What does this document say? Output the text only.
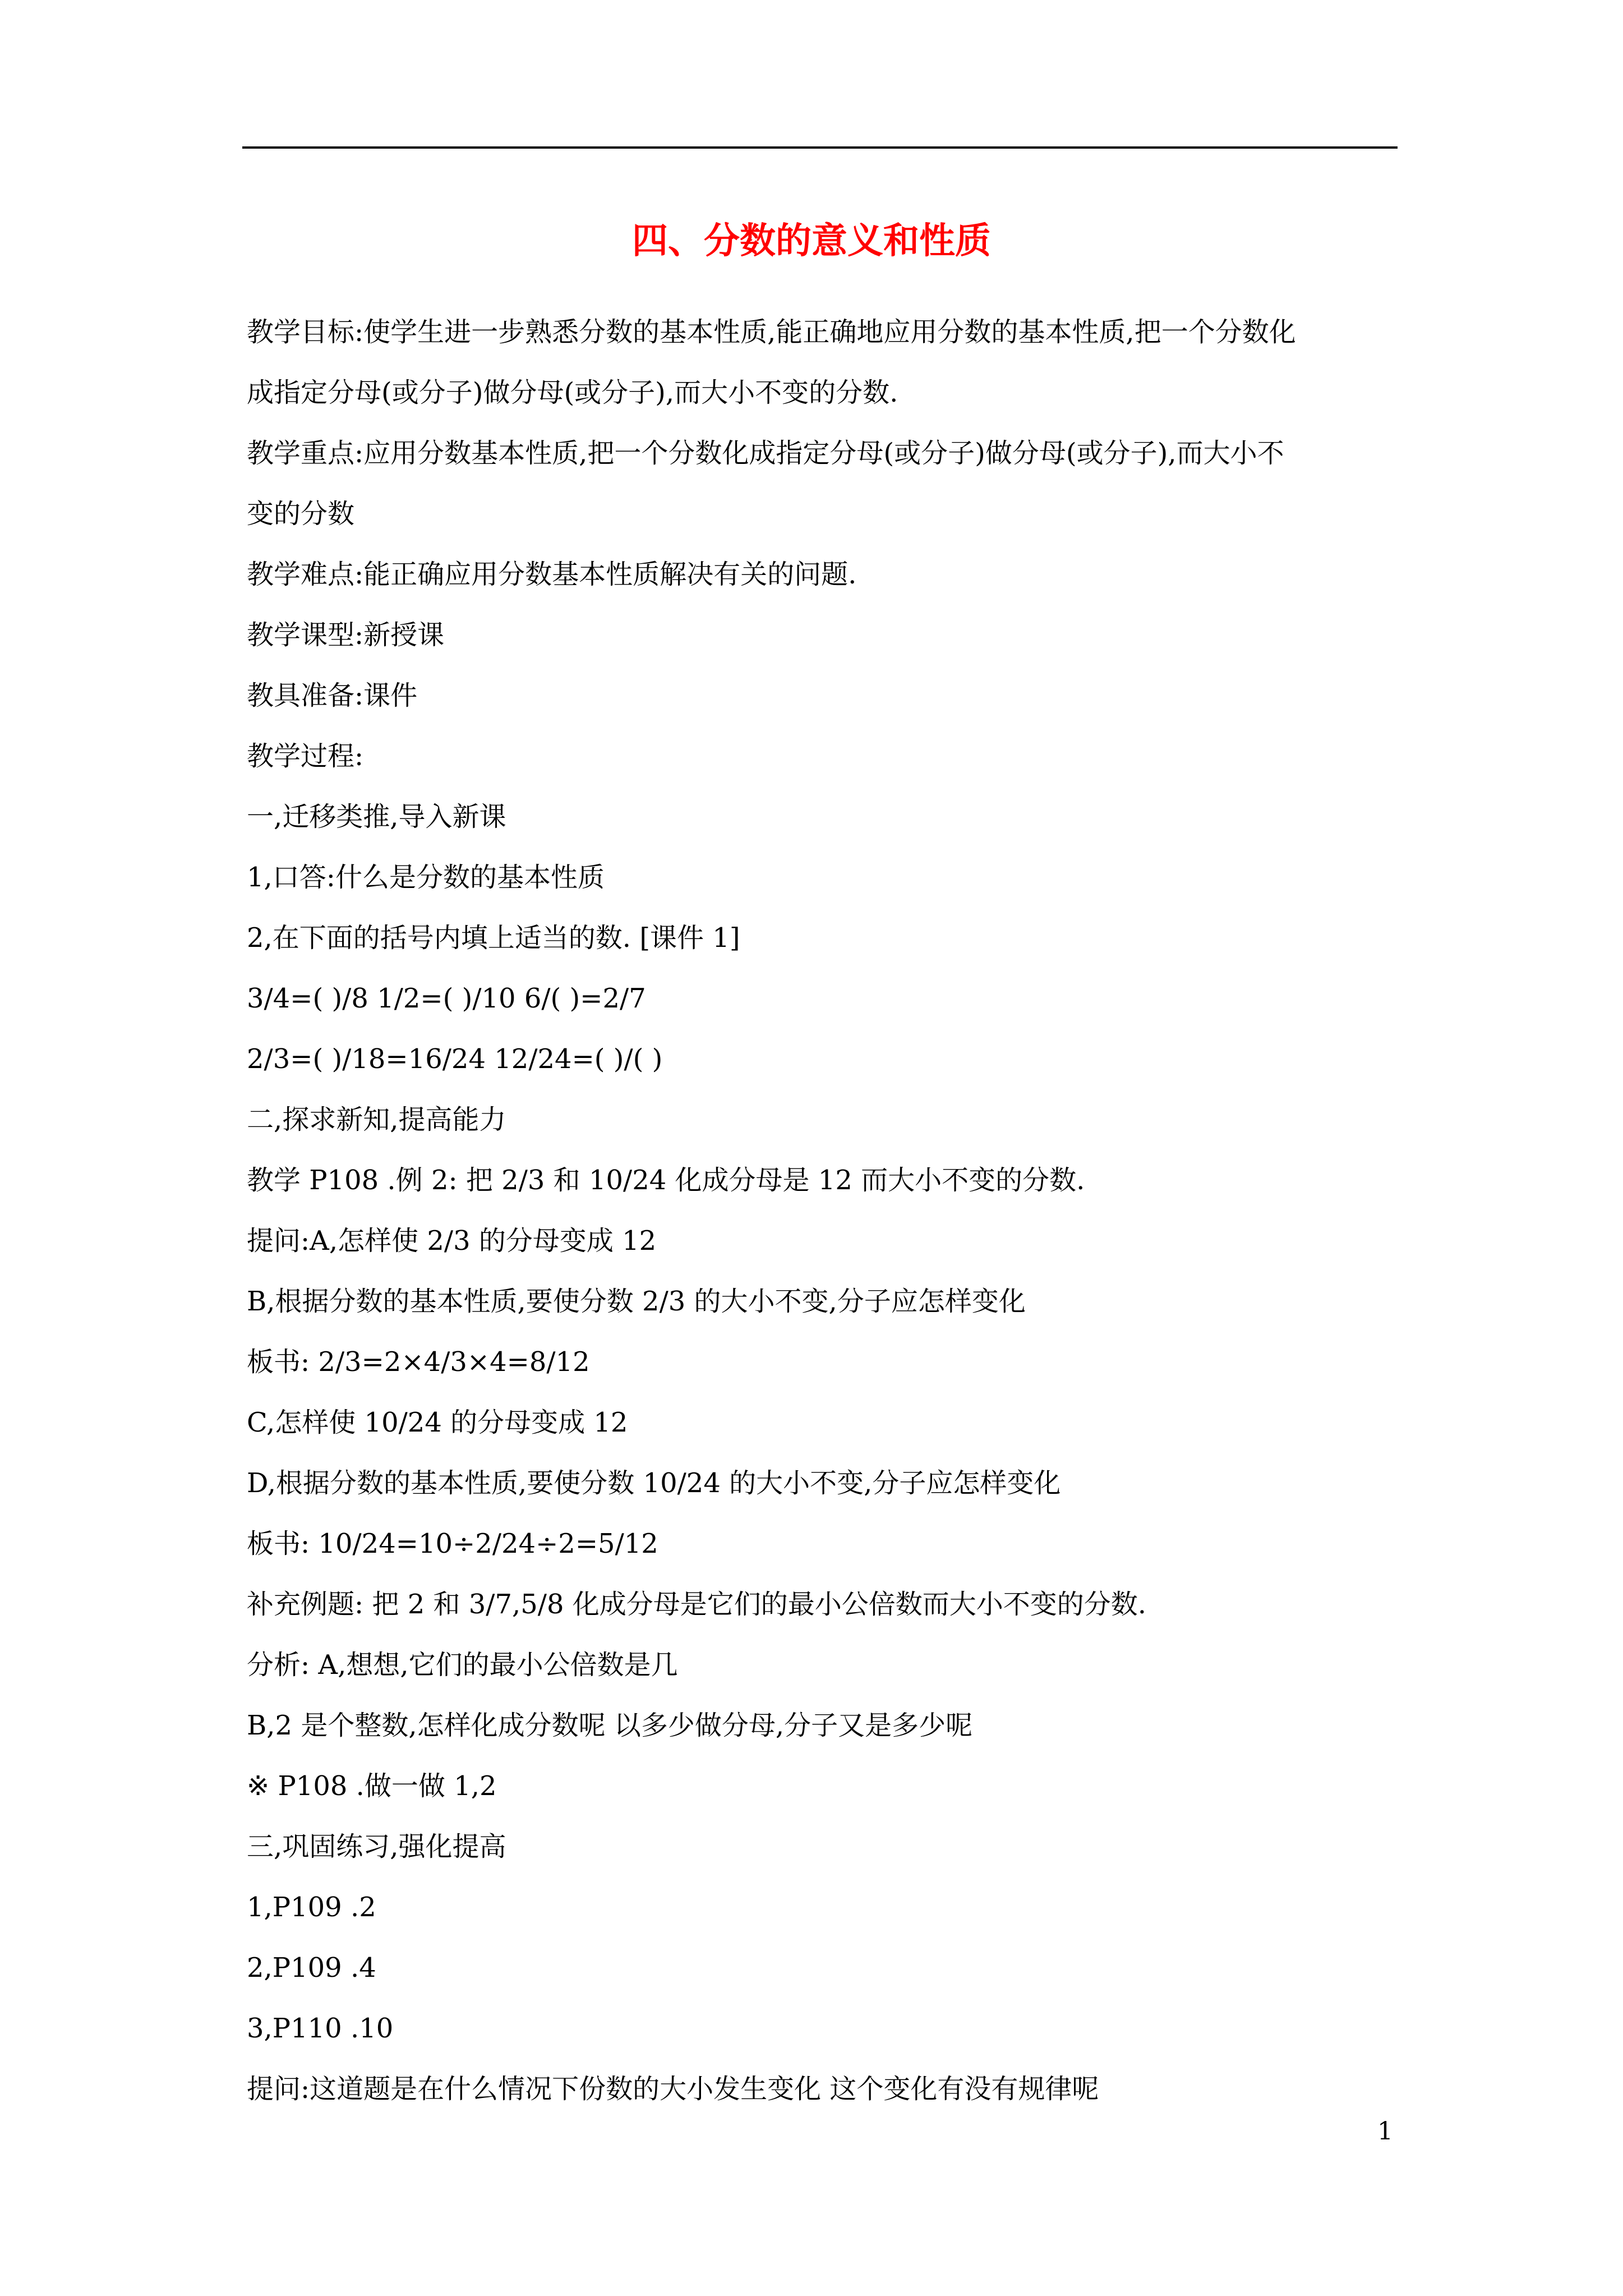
四、分数的意义和性质
教学目标:使学生进一步熟悉分数的基本性质,能正确地应用分数的基本性质,把一个分数化
成指定分母(或分子)做分母(或分子),而大小不变的分数.
教学重点:应用分数基本性质,把一个分数化成指定分母(或分子)做分母(或分子),而大小不
变的分数
教学难点:能正确应用分数基本性质解决有关的问题.
教学课型:新授课
教具准备:课件
教学过程:
一,迁移类推,导入新课
1,口答:什么是分数的基本性质
2,在下面的括号内填上适当的数. [课件 1]
3/4=( )/8 1/2=( )/10 6/( )=2/7
2/3=( )/18=16/24 12/24=( )/( )
二,探求新知,提高能力
教学 P108 .例 2: 把 2/3 和 10/24 化成分母是 12 而大小不变的分数.
提问:A,怎样使 2/3 的分母变成 12
B,根据分数的基本性质,要使分数 2/3 的大小不变,分子应怎样变化
板书: 2/3=2×4/3×4=8/12
C,怎样使 10/24 的分母变成 12
D,根据分数的基本性质,要使分数 10/24 的大小不变,分子应怎样变化
板书: 10/24=10÷2/24÷2=5/12
补充例题: 把 2 和 3/7,5/8 化成分母是它们的最小公倍数而大小不变的分数.
分析: A,想想,它们的最小公倍数是几
B,2 是个整数,怎样化成分数呢 以多少做分母,分子又是多少呢
※ P108 .做一做 1,2
三,巩固练习,强化提高
1,P109 .2
2,P109 .4
3,P110 .10
提问:这道题是在什么情况下份数的大小发生变化 这个变化有没有规律呢
1
